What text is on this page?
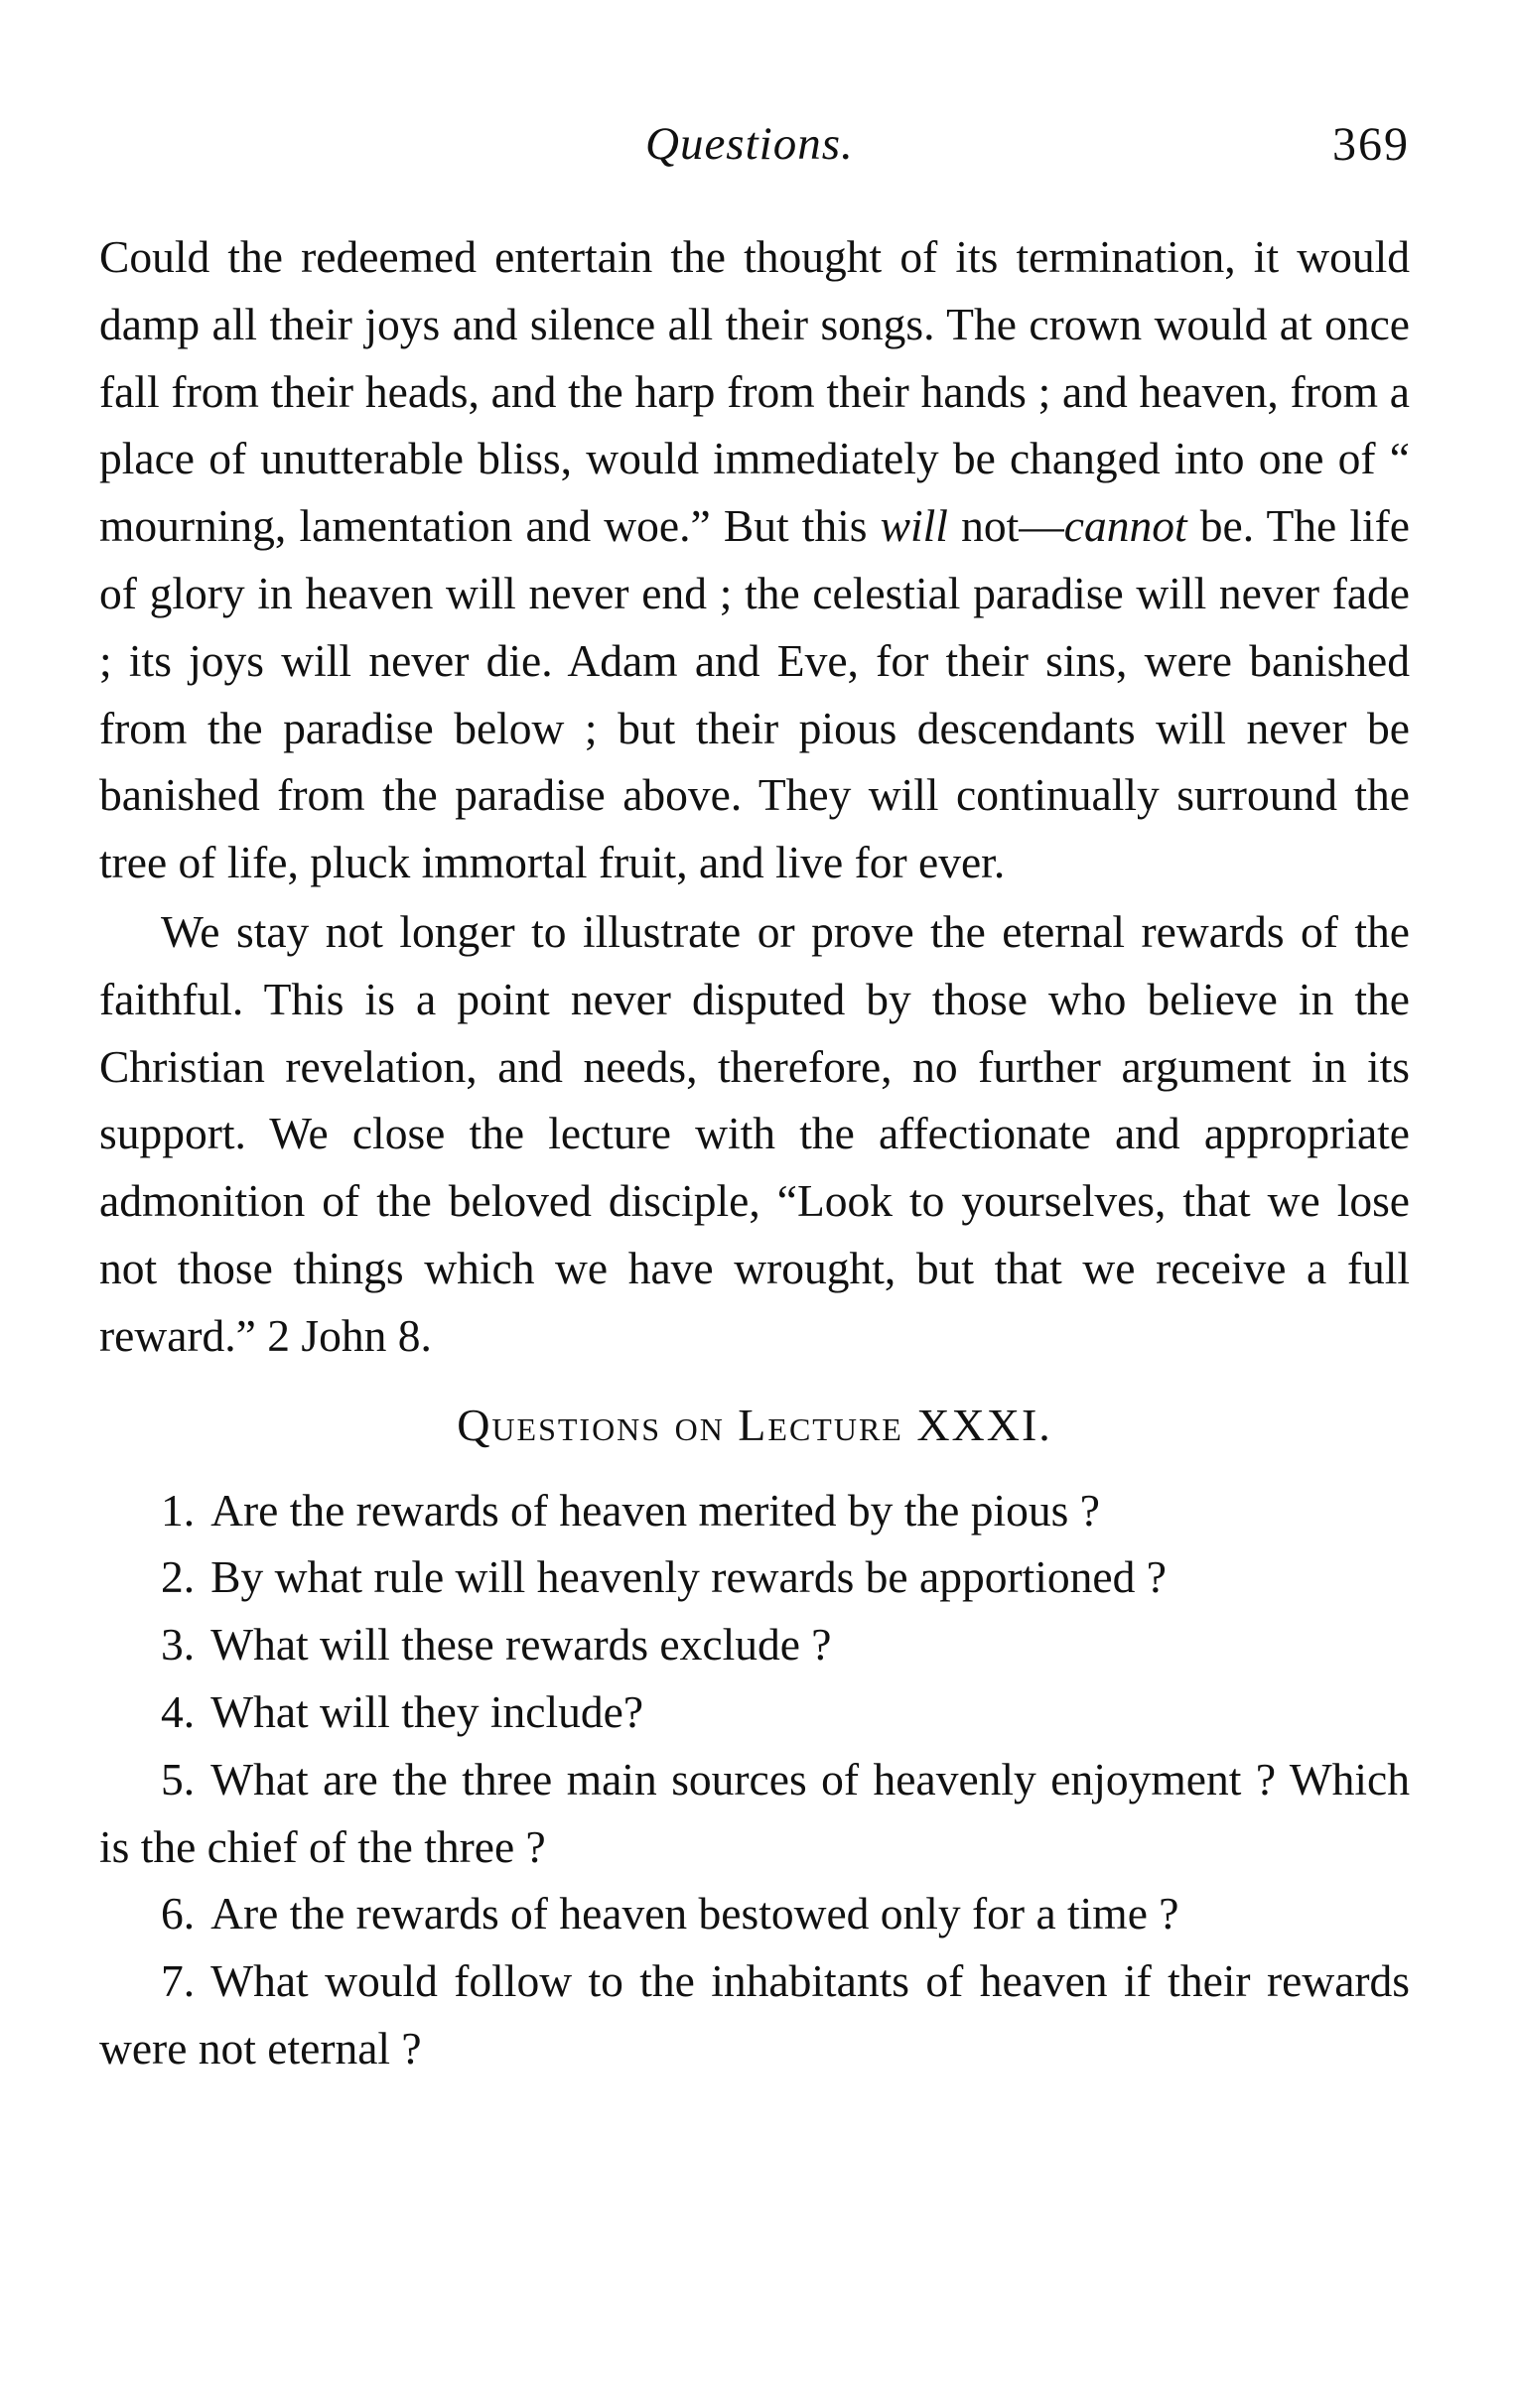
Questions.	369

Could the redeemed entertain the thought of its termination, it would damp all their joys and silence all their songs. The crown would at once fall from their heads, and the harp from their hands ; and heaven, from a place of unutterable bliss, would immediately be changed into one of “ mourning, lamentation and woe.” But this will not—cannot be. The life of glory in heaven will never end ; the celestial paradise will never fade ; its joys will never die. Adam and Eve, for their sins, were banished from the paradise below ; but their pious descendants will never be banished from the paradise above. They will continually surround the tree of life, pluck immortal fruit, and live for ever.

We stay not longer to illustrate or prove the eternal rewards of the faithful. This is a point never disputed by those who believe in the Christian revelation, and needs, therefore, no further argument in its support. We close the lecture with the affectionate and appropriate admonition of the beloved disciple, “Look to yourselves, that we lose not those things which we have wrought, but that we receive a full reward.” 2 John 8.

Questions on Lecture XXXI.
1. Are the rewards of heaven merited by the pious ?
2. By what rule will heavenly rewards be apportioned ?
3. What will these rewards exclude ?
4. What will they include?
5. What are the three main sources of heavenly enjoyment ? Which is the chief of the three ?
6. Are the rewards of heaven bestowed only for a time ?
7. What would follow to the inhabitants of heaven if their rewards were not eternal ?
